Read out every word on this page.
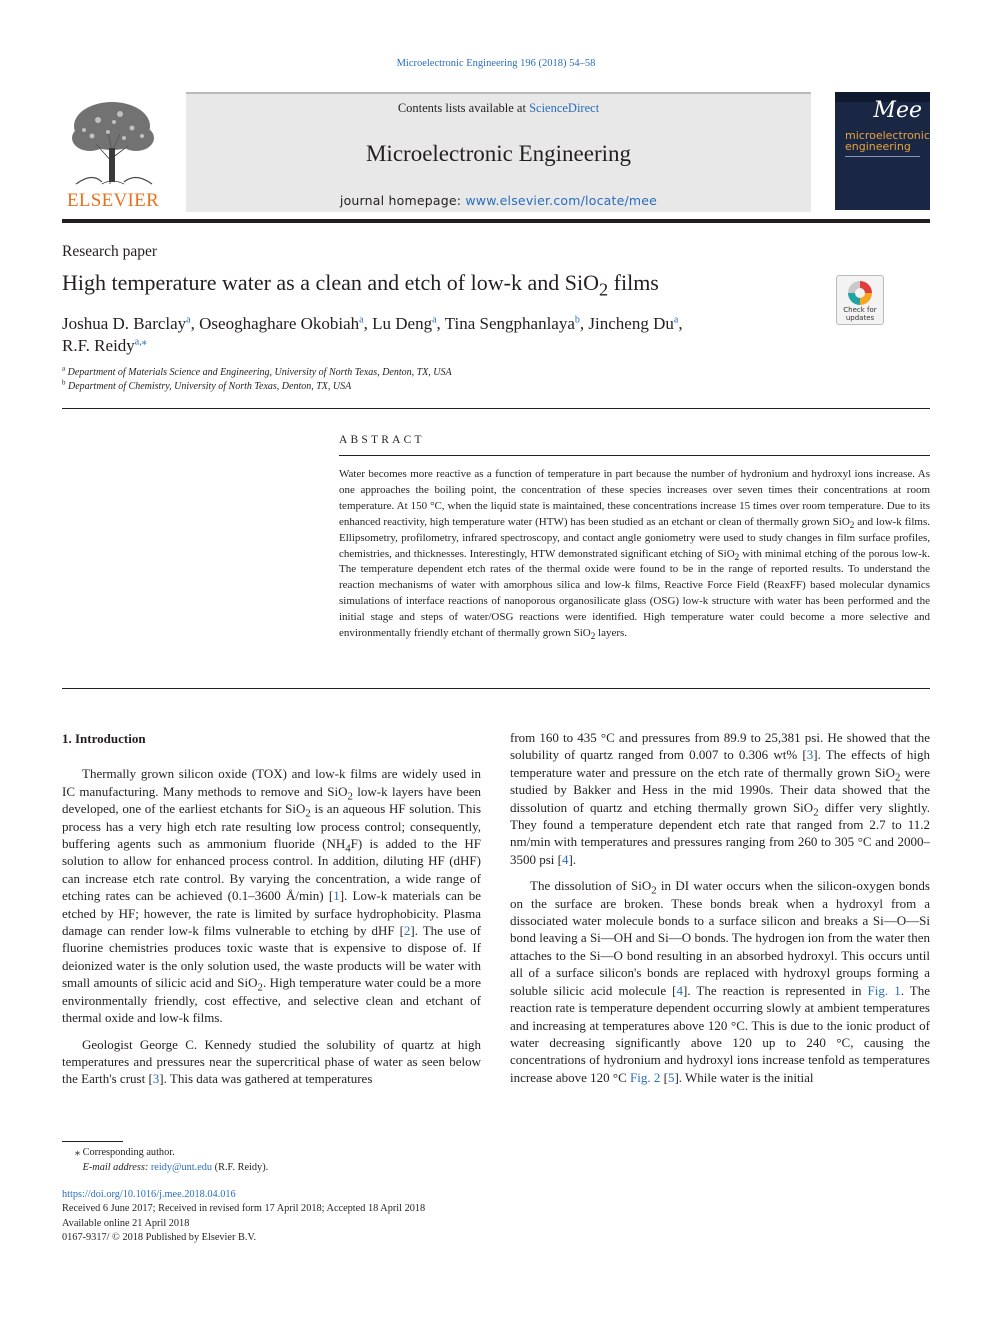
Microelectronic Engineering 196 (2018) 54–58
ELSEVIER
Contents lists available at ScienceDirect
Microelectronic Engineering
journal homepage: www.elsevier.com/locate/mee
Mee
microelectronic
engineering
Research paper
High temperature water as a clean and etch of low-k and SiO$_2$ films
Check for
updates
Joshua D. Barclay$^a$, Oseoghaghare Okobiah$^a$, Lu Deng$^a$, Tina Sengphanlaya$^b$, Jincheng Du$^a$,
R.F. Reidy$^{a,⁎}$
$^a$ Department of Materials Science and Engineering, University of North Texas, Denton, TX, USA
$^b$ Department of Chemistry, University of North Texas, Denton, TX, USA
ABSTRACT
Water becomes more reactive as a function of temperature in part because the number of hydronium and hydroxyl ions increase. As one approaches the boiling point, the concentration of these species increases over seven times their concentrations at room temperature. At 150 °C, when the liquid state is maintained, these concentrations increase 15 times over room temperature. Due to its enhanced reactivity, high temperature water (HTW) has been studied as an etchant or clean of thermally grown SiO$_2$ and low-k films. Ellipsometry, profilometry, infrared spectroscopy, and contact angle goniometry were used to study changes in film surface profiles, chemistries, and thicknesses. Interestingly, HTW demonstrated significant etching of SiO$_2$ with minimal etching of the porous low-k. The temperature dependent etch rates of the thermal oxide were found to be in the range of reported results. To understand the reaction mechanisms of water with amorphous silica and low-k films, Reactive Force Field (ReaxFF) based molecular dynamics simulations of interface reactions of nanoporous organosilicate glass (OSG) low-k structure with water has been performed and the initial stage and steps of water/OSG reactions were identified. High temperature water could become a more selective and environmentally friendly etchant of thermally grown SiO$_2$ layers.
1. Introduction

Thermally grown silicon oxide (TOX) and low-k films are widely used in IC manufacturing. Many methods to remove and SiO$_2$ low-k layers have been developed, one of the earliest etchants for SiO$_2$ is an aqueous HF solution. This process has a very high etch rate resulting low process control; consequently, buffering agents such as ammonium fluoride $(NH_4F)$ is added to the HF solution to allow for enhanced process control. In addition, diluting HF (dHF) can increase etch rate control. By varying the concentration, a wide range of etching rates can be achieved (0.1–3600 Å/min) [1]. Low-k materials can be etched by HF; however, the rate is limited by surface hydrophobicity. Plasma damage can render low-k films vulnerable to etching by dHF [2]. The use of fluorine chemistries produces toxic waste that is expensive to dispose of. If deionized water is the only solution used, the waste products will be water with small amounts of silicic acid and SiO$_2$. High temperature water could be a more environmentally friendly, cost effective, and selective clean and etchant of thermal oxide and low-k films.

Geologist George C. Kennedy studied the solubility of quartz at high temperatures and pressures near the supercritical phase of water as seen below the Earth's crust [3]. This data was gathered at temperatures

from 160 to 435 °C and pressures from 89.9 to 25,381 psi. He showed that the solubility of quartz ranged from 0.007 to 0.306 wt% [3]. The effects of high temperature water and pressure on the etch rate of thermally grown SiO$_2$ were studied by Bakker and Hess in the mid 1990s. Their data showed that the dissolution of quartz and etching thermally grown SiO$_2$ differ very slightly. They found a temperature dependent etch rate that ranged from 2.7 to 11.2 nm/min with temperatures and pressures ranging from 260 to 305 °C and 2000–3500 psi [4].

The dissolution of SiO$_2$ in DI water occurs when the silicon-oxygen bonds on the surface are broken. These bonds break when a hydroxyl from a dissociated water molecule bonds to a surface silicon and breaks a Si—O—Si bond leaving a Si—OH and Si—O bonds. The hydrogen ion from the water then attaches to the Si—O bond resulting in an absorbed hydroxyl. This occurs until all of a surface silicon's bonds are replaced with hydroxyl groups forming a soluble silicic acid molecule [4]. The reaction is represented in Fig. 1. The reaction rate is temperature dependent occurring slowly at ambient temperatures and increasing at temperatures above 120 °C. This is due to the ionic product of water decreasing significantly above 120 up to 240 °C, causing the concentrations of hydronium and hydroxyl ions increase tenfold as temperatures increase above 120 °C Fig. 2 [5]. While water is the initial

⁎ Corresponding author.
E-mail address: reidy@unt.edu (R.F. Reidy).
https://doi.org/10.1016/j.mee.2018.04.016
Received 6 June 2017; Received in revised form 17 April 2018; Accepted 18 April 2018
Available online 21 April 2018
0167-9317/ © 2018 Published by Elsevier B.V.
